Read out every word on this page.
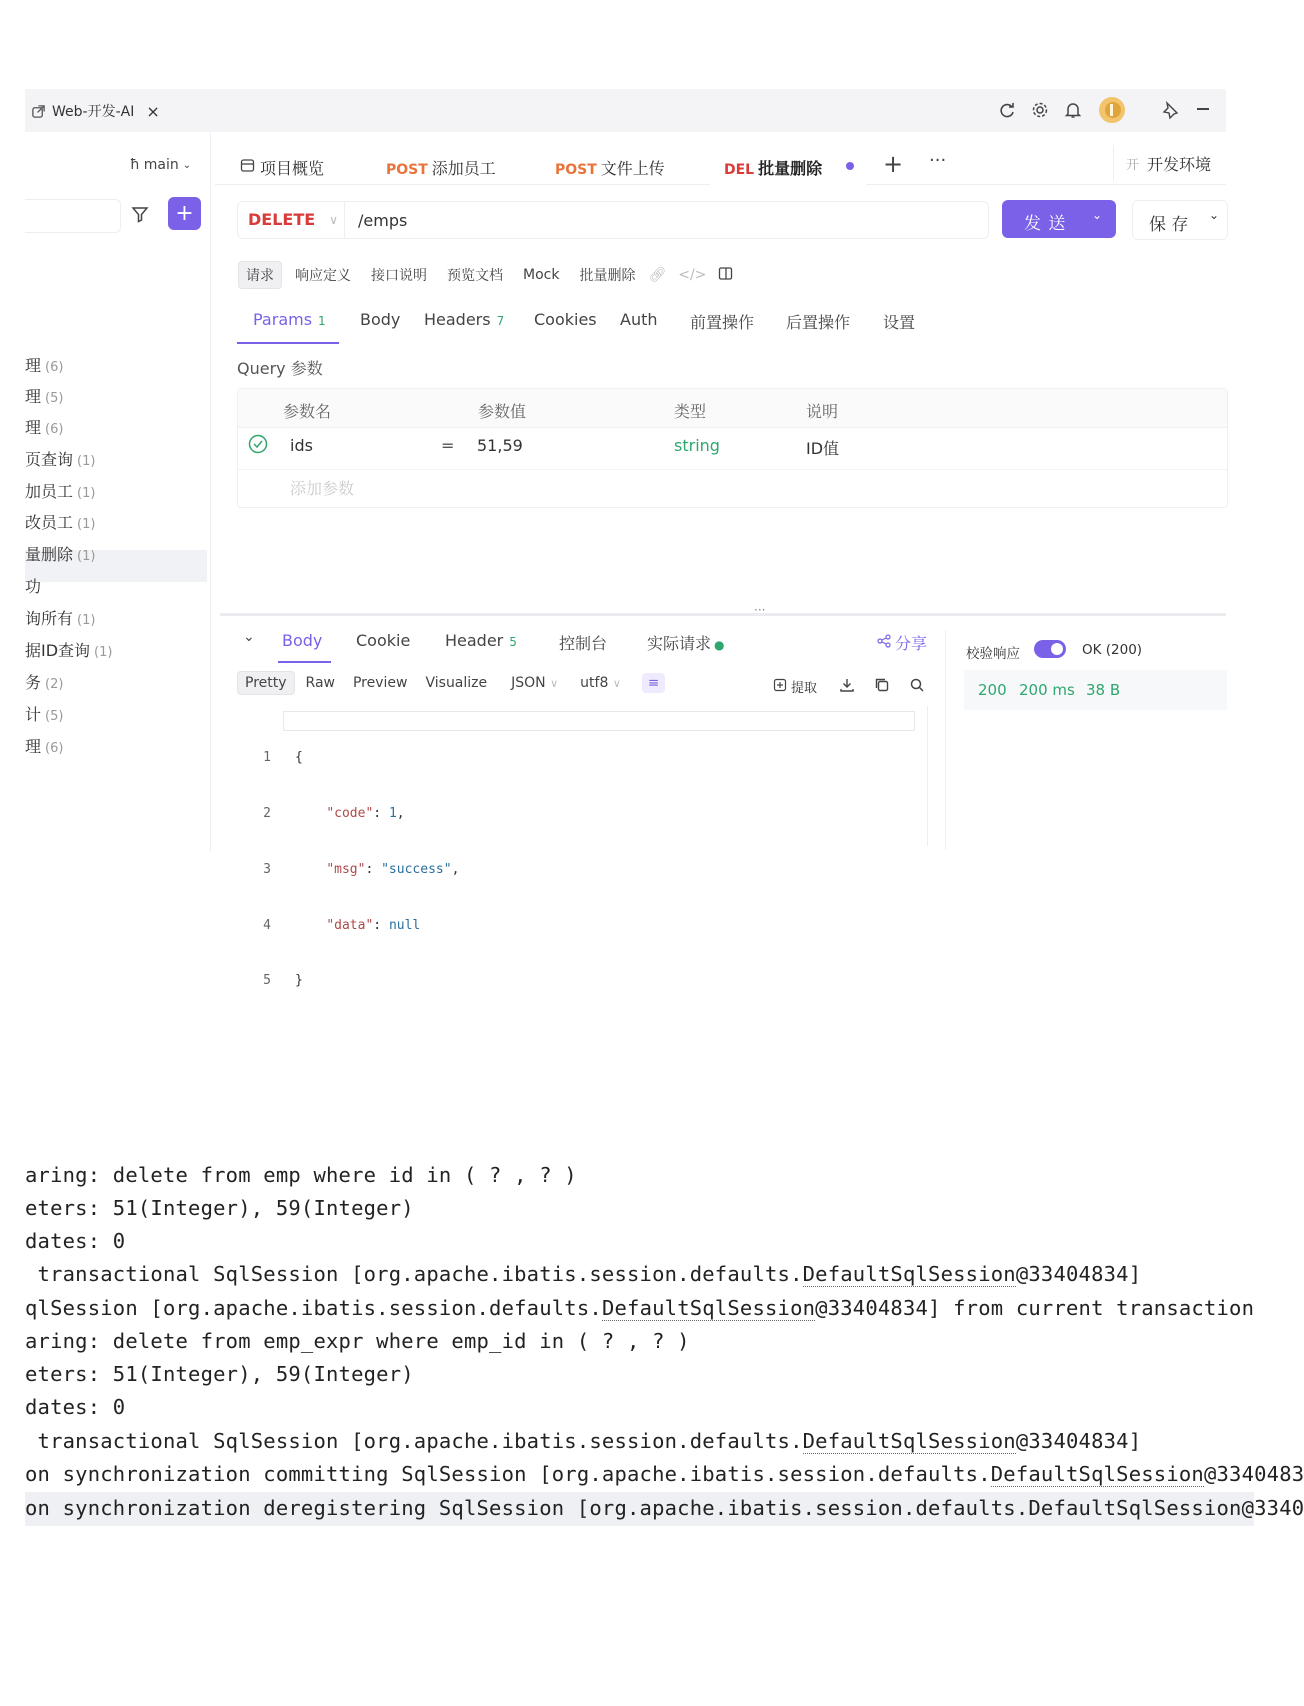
Web-开发-AI ×
ħ main ⌄
+
理 (6)
理 (5)
理 (6)
页查询 (1)
加员工 (1)
改员工 (1)
量删除 (1)
功
询所有 (1)
据ID查询 (1)
务 (2)
计 (5)
理 (6)
项目概览	POST 添加员工	POST 文件上传	DEL 批量删除	+ ···	开 开发环境
DELETE ∨ /emps	发 送 ⌄	保 存 ⌄
请求	响应定义	接口说明	预览文档	Mock	批量删除 🔗︎ </>
Params 1 Body Headers 7 Cookies Auth 前置操作 后置操作 设置
Query 参数
参数名	参数值	类型	说明
ids	= 51,59	string	ID值
添加参数
···
⌄ Body Cookie Header 5	控制台 实际请求 ●	分享
Pretty	Raw	Preview	Visualize	JSON ∨	utf8 ∨	≡	提取

1

2

3

4

5

{

"code": 1,

"msg": "success",

"data": null

}

校验响应	OK (200)
200 200 ms 38 B
aring: delete from emp where id in ( ? , ? )
eters: 51(Integer), 59(Integer)
dates: 0
transactional SqlSession [org.apache.ibatis.session.defaults.DefaultSqlSession@33404834]
qlSession [org.apache.ibatis.session.defaults.DefaultSqlSession@33404834] from current transaction
aring: delete from emp_expr where emp_id in ( ? , ? )
eters: 51(Integer), 59(Integer)
dates: 0
transactional SqlSession [org.apache.ibatis.session.defaults.DefaultSqlSession@33404834]
on synchronization committing SqlSession [org.apache.ibatis.session.defaults.DefaultSqlSession@3340483
on synchronization deregistering SqlSession [org.apache.ibatis.session.defaults.DefaultSqlSession@3340
